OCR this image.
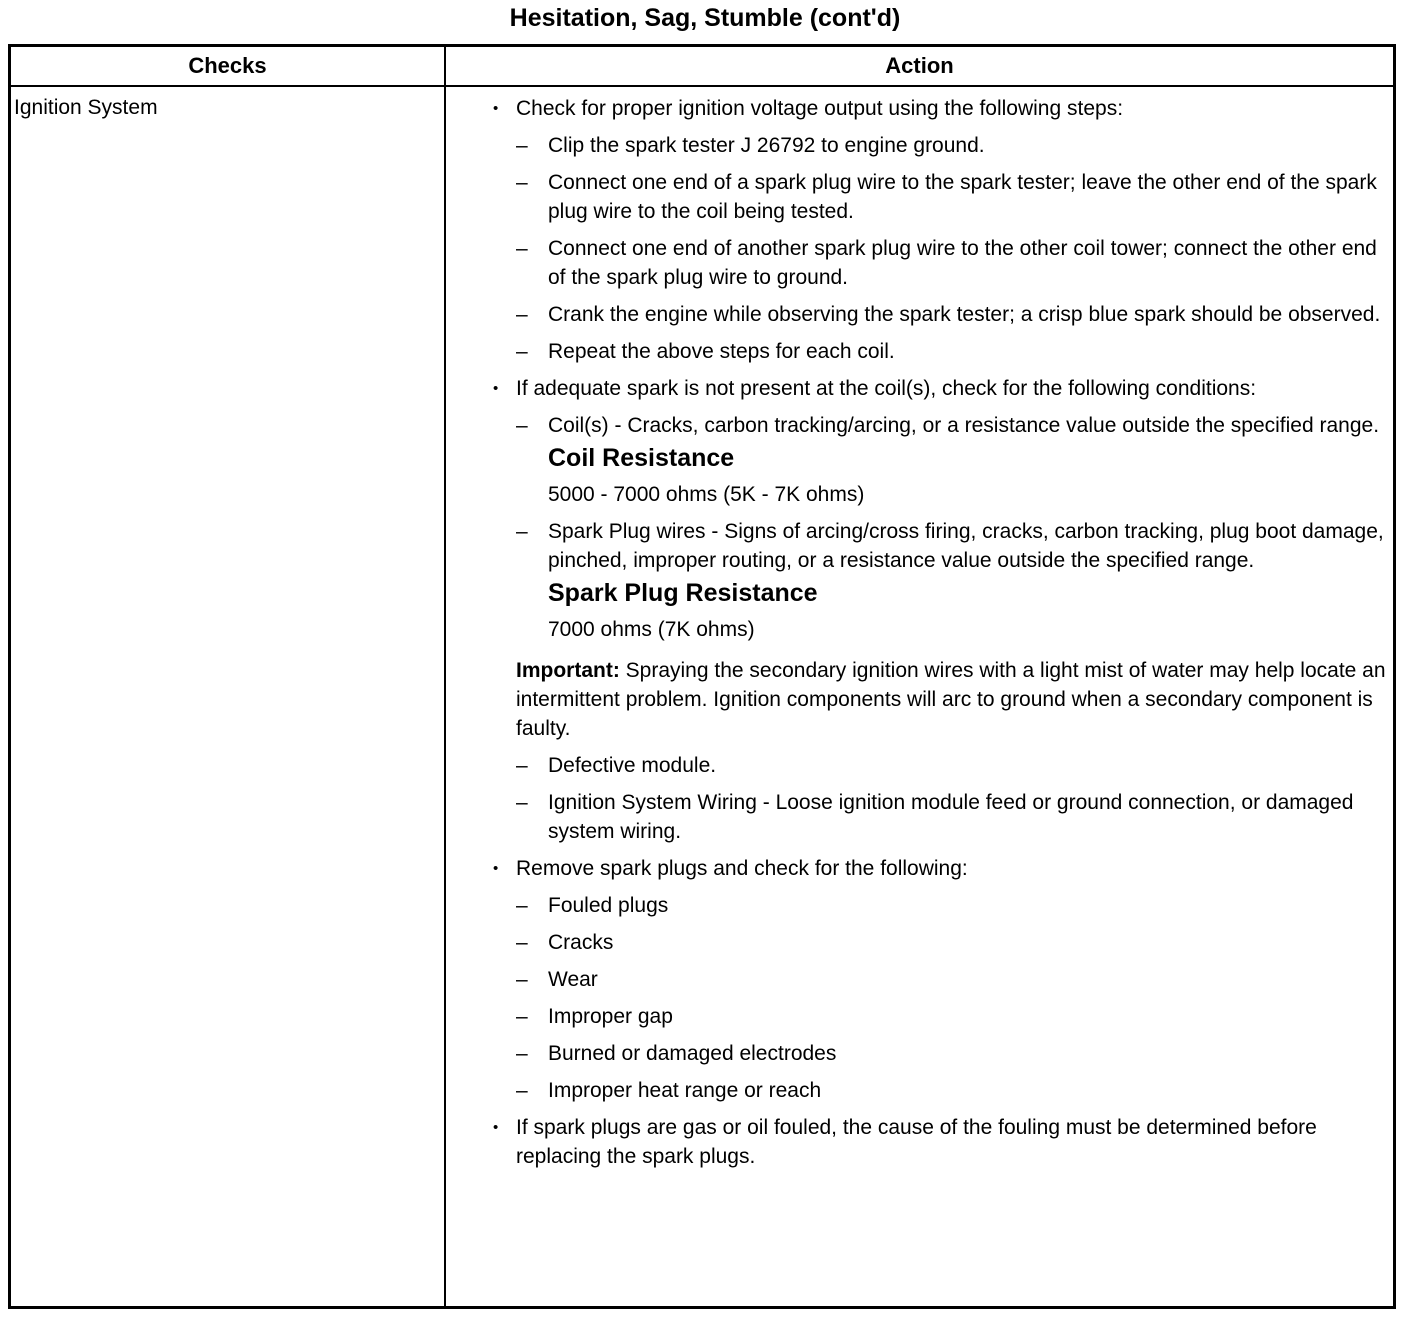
Hesitation, Sag, Stumble (cont'd)
Checks	Action
Ignition System
•	Check for proper ignition voltage output using the following steps:
– Clip the spark tester J 26792 to engine ground.
– Connect one end of a spark plug wire to the spark tester; leave the other end of the spark plug wire to the coil being tested.
– Connect one end of another spark plug wire to the other coil tower; connect the other end of the spark plug wire to ground.
– Crank the engine while observing the spark tester; a crisp blue spark should be observed.
– Repeat the above steps for each coil.
• If adequate spark is not present at the coil(s), check for the following conditions:
– Coil(s) - Cracks, carbon tracking/arcing, or a resistance value outside the specified range.
Coil Resistance
5000 - 7000 ohms (5K - 7K ohms)
– Spark Plug wires - Signs of arcing/cross firing, cracks, carbon tracking, plug boot damage, pinched, improper routing, or a resistance value outside the specified range.
Spark Plug Resistance
7000 ohms (7K ohms)
Important: Spraying the secondary ignition wires with a light mist of water may help locate an intermittent problem. Ignition components will arc to ground when a secondary component is faulty.
– Defective module.
– Ignition System Wiring - Loose ignition module feed or ground connection, or damaged system wiring.
• Remove spark plugs and check for the following:
– Fouled plugs
– Cracks
– Wear
– Improper gap
– Burned or damaged electrodes
– Improper heat range or reach
• If spark plugs are gas or oil fouled, the cause of the fouling must be determined before replacing the spark plugs.
